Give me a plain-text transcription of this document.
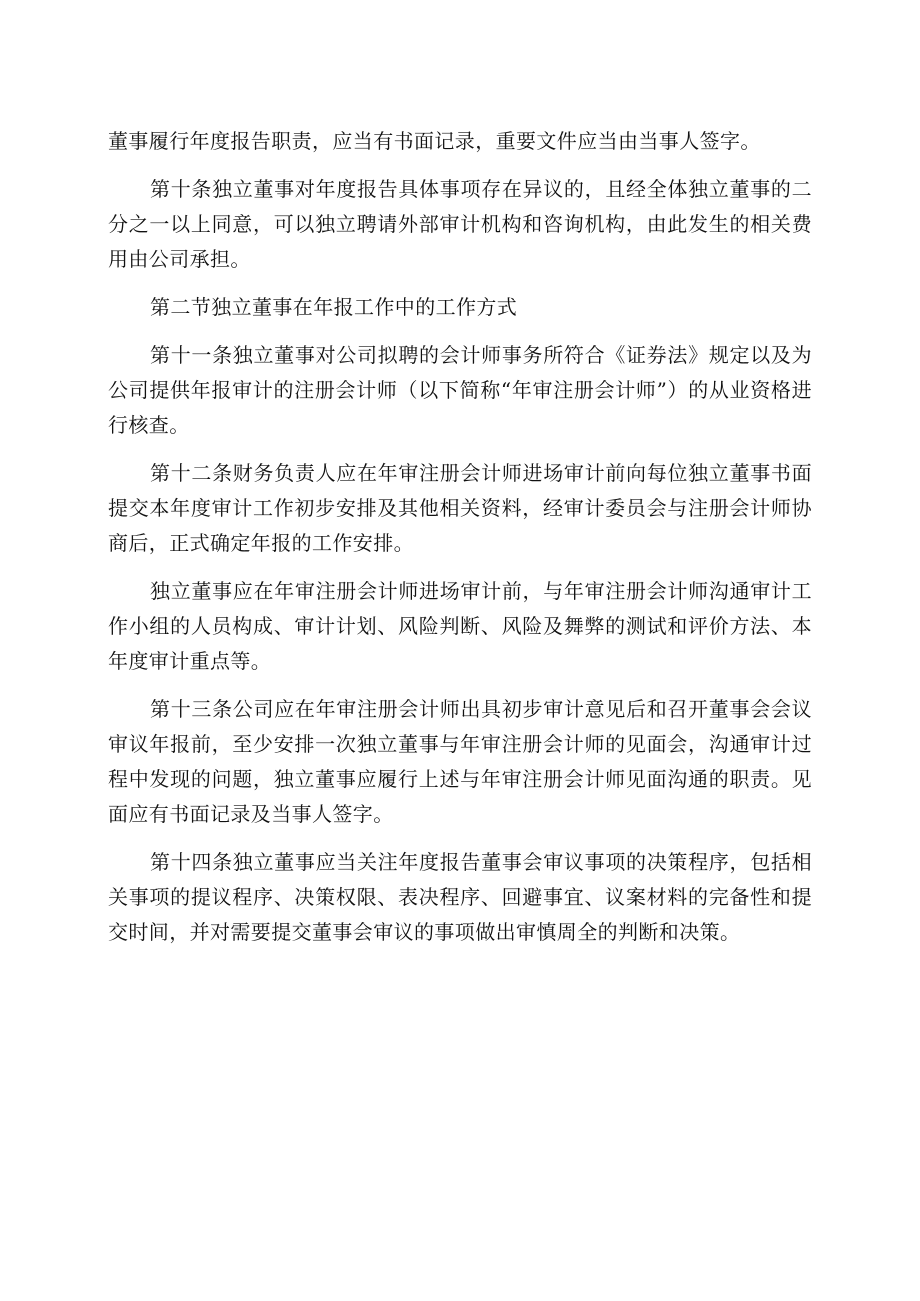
董事履行年度报告职责，应当有书面记录，重要文件应当由当事人签字。

第十条独立董事对年度报告具体事项存在异议的，且经全体独立董事的二分之一以上同意，可以独立聘请外部审计机构和咨询机构，由此发生的相关费用由公司承担。

第二节独立董事在年报工作中的工作方式

第十一条独立董事对公司拟聘的会计师事务所符合《证券法》规定以及为公司提供年报审计的注册会计师（以下简称“年审注册会计师”）的从业资格进行核查。

第十二条财务负责人应在年审注册会计师进场审计前向每位独立董事书面提交本年度审计工作初步安排及其他相关资料，经审计委员会与注册会计师协商后，正式确定年报的工作安排。

独立董事应在年审注册会计师进场审计前，与年审注册会计师沟通审计工作小组的人员构成、审计计划、风险判断、风险及舞弊的测试和评价方法、本年度审计重点等。

第十三条公司应在年审注册会计师出具初步审计意见后和召开董事会会议审议年报前，至少安排一次独立董事与年审注册会计师的见面会，沟通审计过程中发现的问题，独立董事应履行上述与年审注册会计师见面沟通的职责。见面应有书面记录及当事人签字。

第十四条独立董事应当关注年度报告董事会审议事项的决策程序，包括相关事项的提议程序、决策权限、表决程序、回避事宜、议案材料的完备性和提交时间，并对需要提交董事会审议的事项做出审慎周全的判断和决策。
